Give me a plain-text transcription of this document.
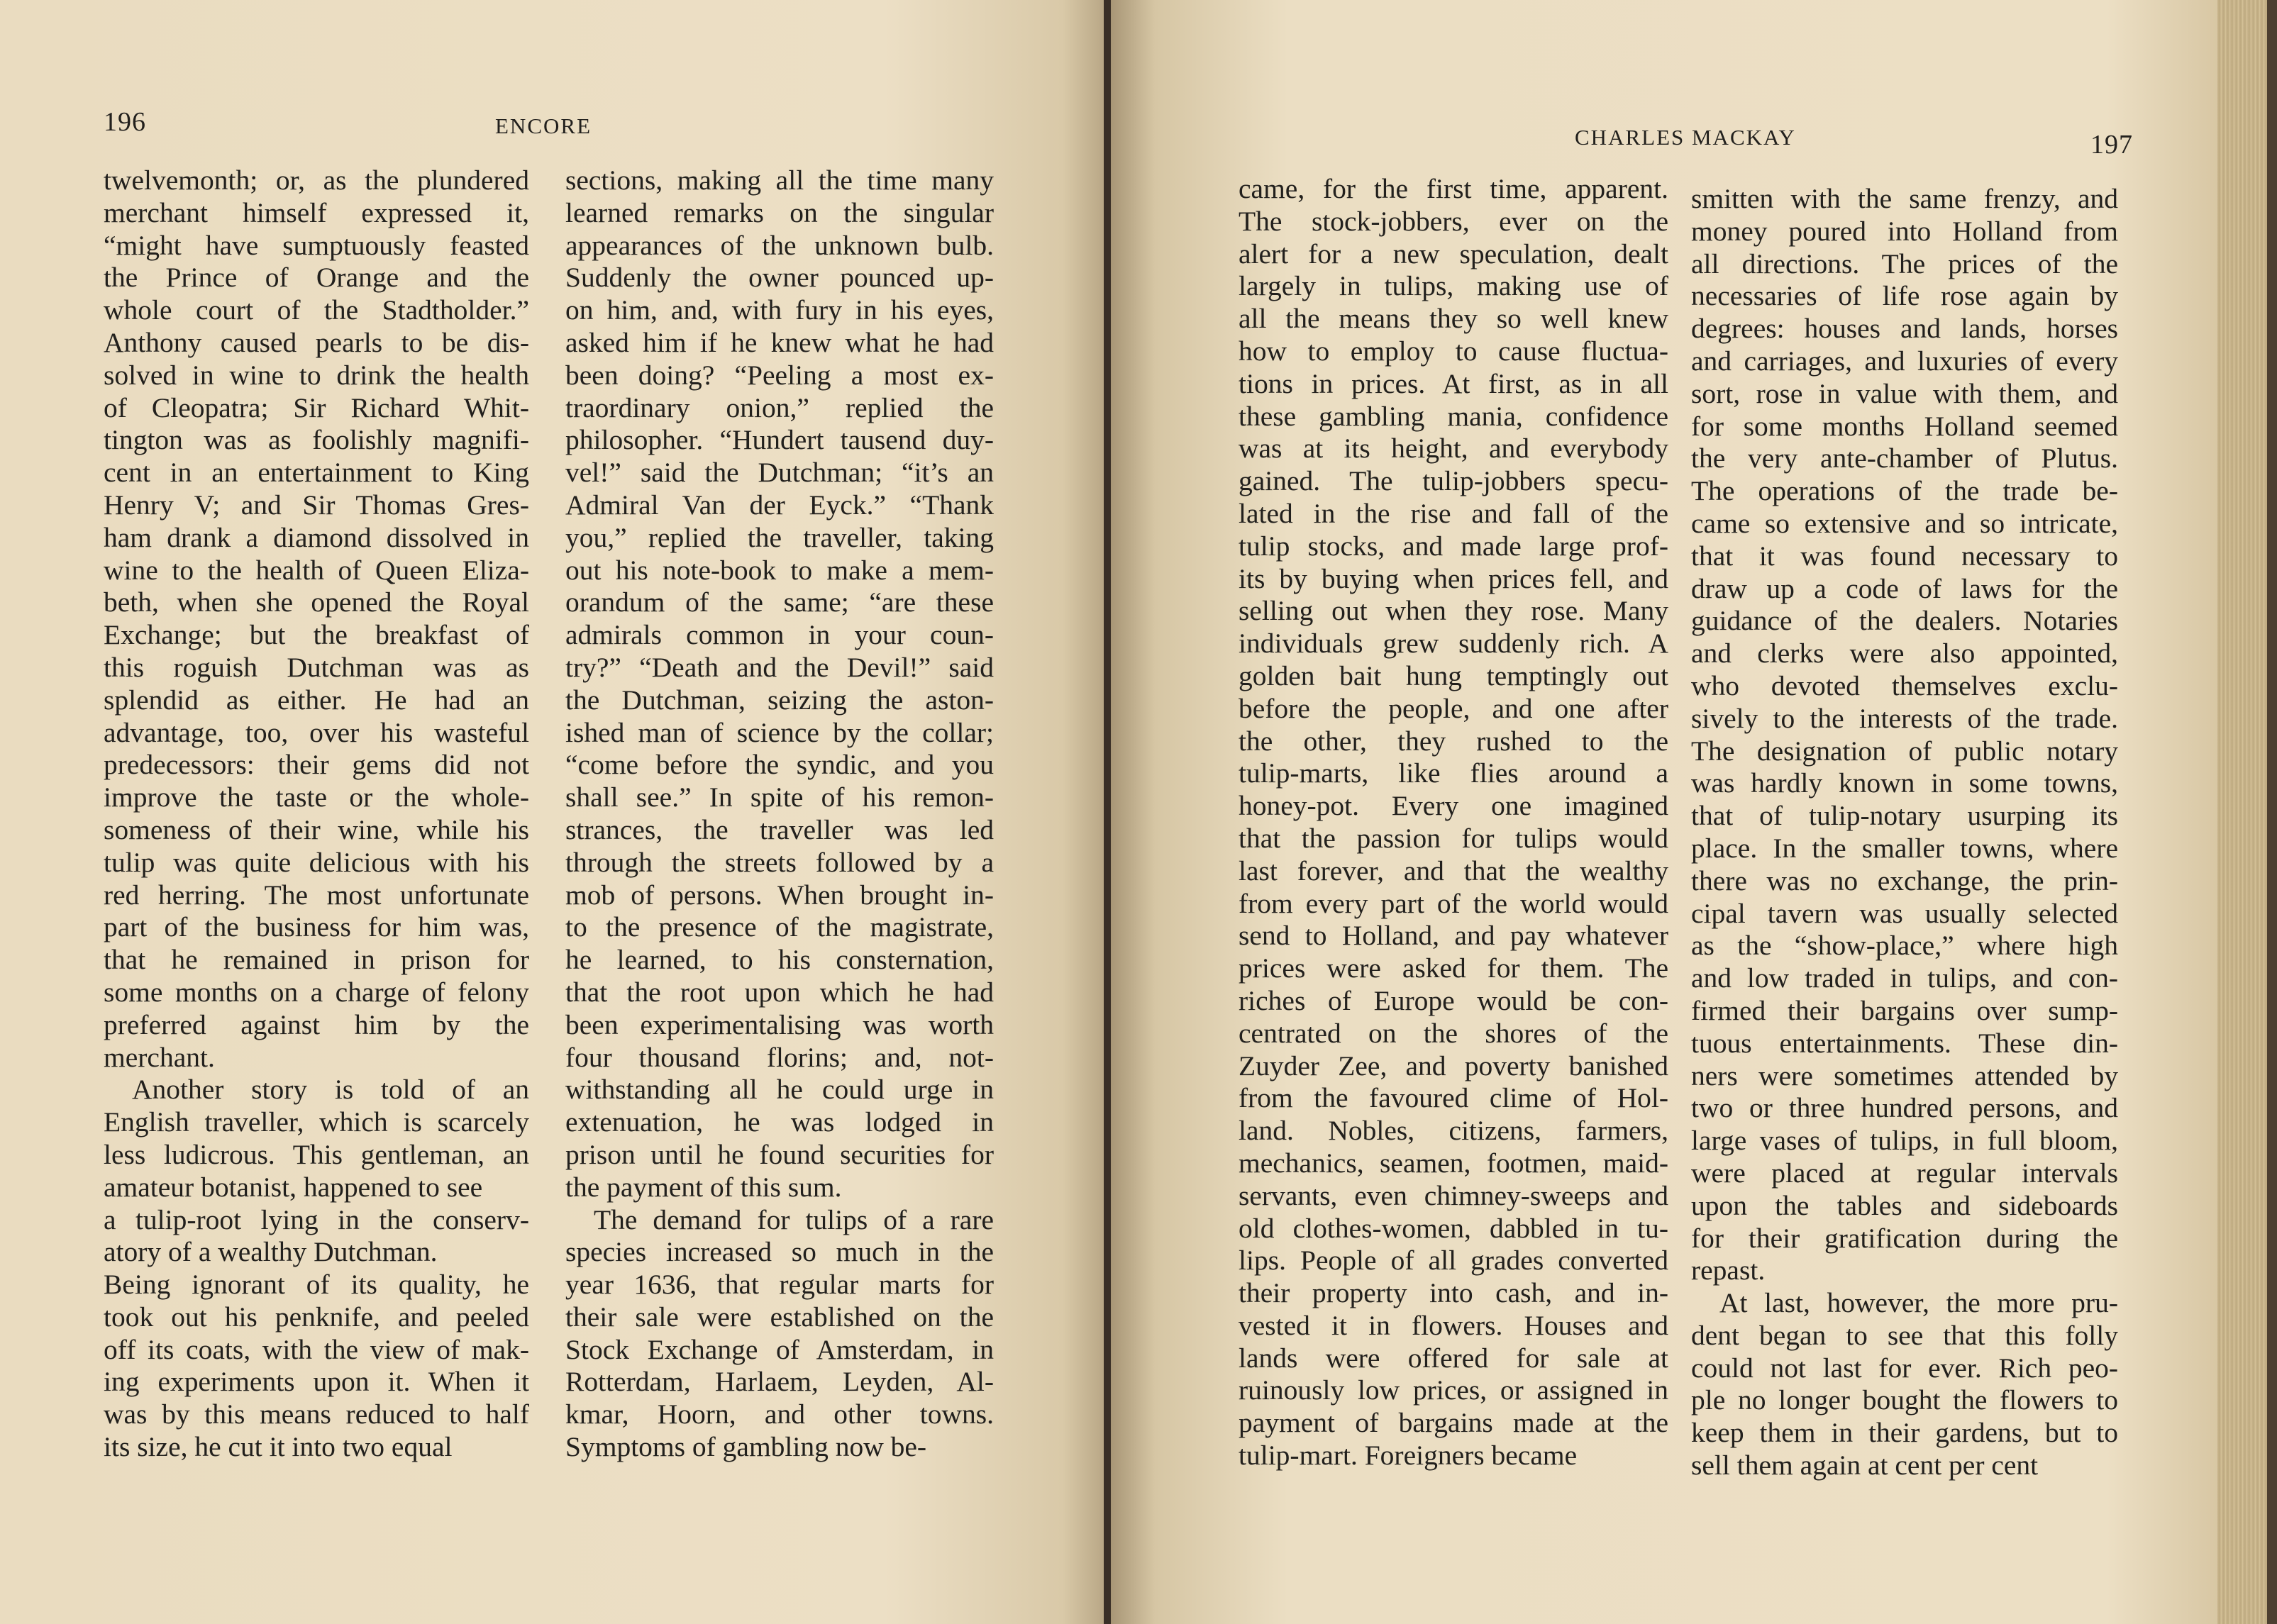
196	ENCORE
twelvemonth; or, as the plundered
merchant himself expressed it,
“might have sumptuously feasted
the Prince of Orange and the
whole court of the Stadtholder.”
Anthony caused pearls to be dis-
solved in wine to drink the health
of Cleopatra; Sir Richard Whit-
tington was as foolishly magnifi-
cent in an entertainment to King
Henry V; and Sir Thomas Gres-
ham drank a diamond dissolved in
wine to the health of Queen Eliza-
beth, when she opened the Royal
Exchange; but the breakfast of
this roguish Dutchman was as
splendid as either. He had an
advantage, too, over his wasteful
predecessors: their gems did not
improve the taste or the whole-
someness of their wine, while his
tulip was quite delicious with his
red herring. The most unfortunate
part of the business for him was,
that he remained in prison for
some months on a charge of felony
preferred against him by the
merchant.
Another story is told of an
English traveller, which is scarcely
less ludicrous. This gentleman, an
amateur botanist, happened to see
a tulip-root lying in the conserv-
atory of a wealthy Dutchman.
Being ignorant of its quality, he
took out his penknife, and peeled
off its coats, with the view of mak-
ing experiments upon it. When it
was by this means reduced to half
its size, he cut it into two equal
sections, making all the time many
learned remarks on the singular
appearances of the unknown bulb.
Suddenly the owner pounced up-
on him, and, with fury in his eyes,
asked him if he knew what he had
been doing? “Peeling a most ex-
traordinary onion,” replied the
philosopher. “Hundert tausend duy-
vel!” said the Dutchman; “it’s an
Admiral Van der Eyck.” “Thank
you,” replied the traveller, taking
out his note-book to make a mem-
orandum of the same; “are these
admirals common in your coun-
try?” “Death and the Devil!” said
the Dutchman, seizing the aston-
ished man of science by the collar;
“come before the syndic, and you
shall see.” In spite of his remon-
strances, the traveller was led
through the streets followed by a
mob of persons. When brought in-
to the presence of the magistrate,
he learned, to his consternation,
that the root upon which he had
been experimentalising was worth
four thousand florins; and, not-
withstanding all he could urge in
extenuation, he was lodged in
prison until he found securities for
the payment of this sum.
The demand for tulips of a rare
species increased so much in the
year 1636, that regular marts for
their sale were established on the
Stock Exchange of Amsterdam, in
Rotterdam, Harlaem, Leyden, Al-
kmar, Hoorn, and other towns.
Symptoms of gambling now be-
CHARLES MACKAY	197
came, for the first time, apparent.
The stock-jobbers, ever on the
alert for a new speculation, dealt
largely in tulips, making use of
all the means they so well knew
how to employ to cause fluctua-
tions in prices. At first, as in all
these gambling mania, confidence
was at its height, and everybody
gained. The tulip-jobbers specu-
lated in the rise and fall of the
tulip stocks, and made large prof-
its by buying when prices fell, and
selling out when they rose. Many
individuals grew suddenly rich. A
golden bait hung temptingly out
before the people, and one after
the other, they rushed to the
tulip-marts, like flies around a
honey-pot. Every one imagined
that the passion for tulips would
last forever, and that the wealthy
from every part of the world would
send to Holland, and pay whatever
prices were asked for them. The
riches of Europe would be con-
centrated on the shores of the
Zuyder Zee, and poverty banished
from the favoured clime of Hol-
land. Nobles, citizens, farmers,
mechanics, seamen, footmen, maid-
servants, even chimney-sweeps and
old clothes-women, dabbled in tu-
lips. People of all grades converted
their property into cash, and in-
vested it in flowers. Houses and
lands were offered for sale at
ruinously low prices, or assigned in
payment of bargains made at the
tulip-mart. Foreigners became
smitten with the same frenzy, and
money poured into Holland from
all directions. The prices of the
necessaries of life rose again by
degrees: houses and lands, horses
and carriages, and luxuries of every
sort, rose in value with them, and
for some months Holland seemed
the very ante-chamber of Plutus.
The operations of the trade be-
came so extensive and so intricate,
that it was found necessary to
draw up a code of laws for the
guidance of the dealers. Notaries
and clerks were also appointed,
who devoted themselves exclu-
sively to the interests of the trade.
The designation of public notary
was hardly known in some towns,
that of tulip-notary usurping its
place. In the smaller towns, where
there was no exchange, the prin-
cipal tavern was usually selected
as the “show-place,” where high
and low traded in tulips, and con-
firmed their bargains over sump-
tuous entertainments. These din-
ners were sometimes attended by
two or three hundred persons, and
large vases of tulips, in full bloom,
were placed at regular intervals
upon the tables and sideboards
for their gratification during the
repast.
At last, however, the more pru-
dent began to see that this folly
could not last for ever. Rich peo-
ple no longer bought the flowers to
keep them in their gardens, but to
sell them again at cent per cent
